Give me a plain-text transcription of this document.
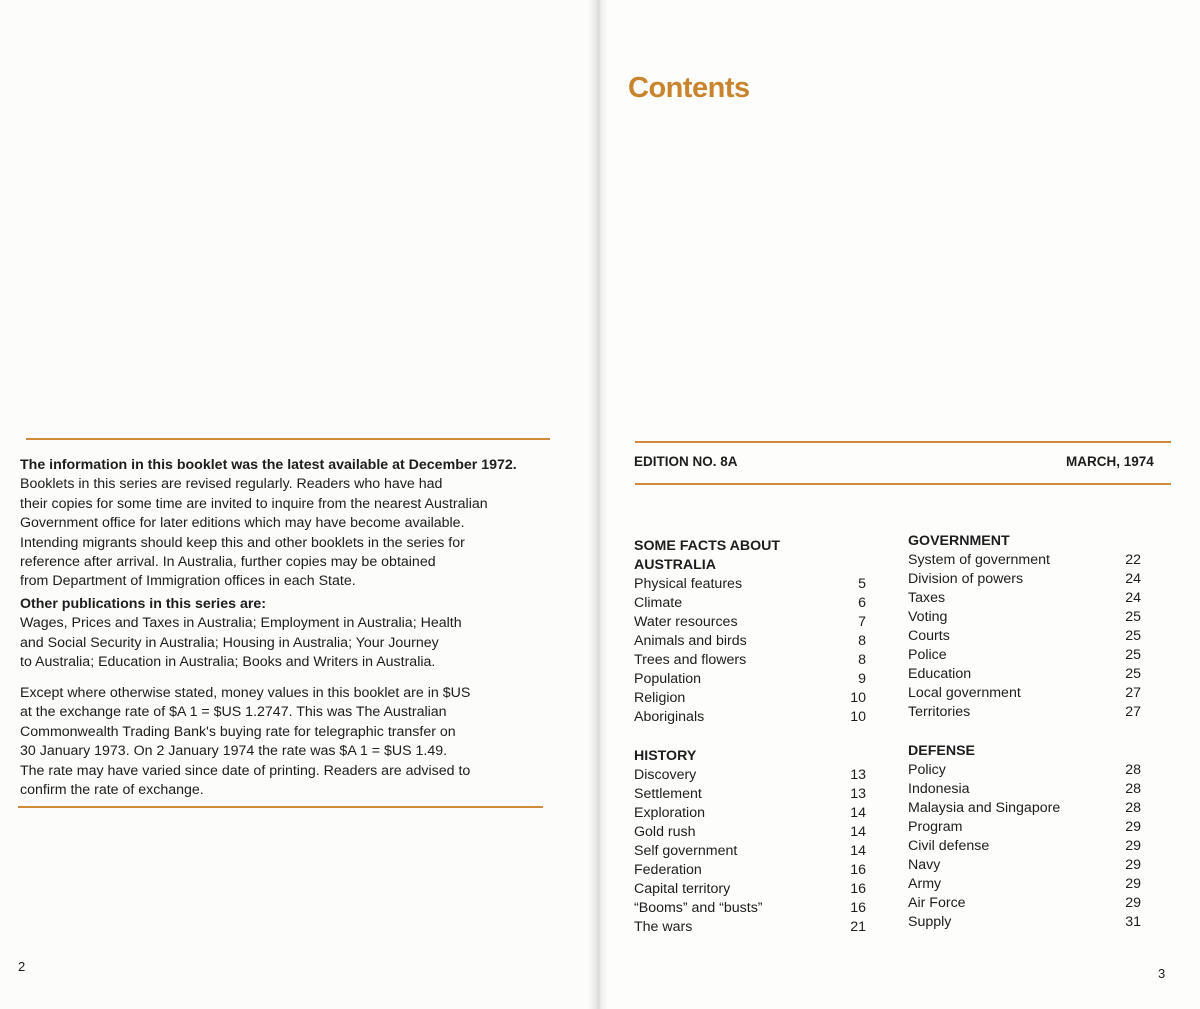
The information in this booklet was the latest available at December 1972.

Booklets in this series are revised regularly. Readers who have had
their copies for some time are invited to inquire from the nearest Australian
Government office for later editions which may have become available.
Intending migrants should keep this and other booklets in the series for
reference after arrival. In Australia, further copies may be obtained
from Department of Immigration offices in each State.

Other publications in this series are:

Wages, Prices and Taxes in Australia; Employment in Australia; Health
and Social Security in Australia; Housing in Australia; Your Journey
to Australia; Education in Australia; Books and Writers in Australia.
Except where otherwise stated, money values in this booklet are in $US
at the exchange rate of $A 1 = $US 1.2747. This was The Australian
Commonwealth Trading Bank's buying rate for telegraphic transfer on
30 January 1973. On 2 January 1974 the rate was $A 1 = $US 1.49.
The rate may have varied since date of printing. Readers are advised to
confirm the rate of exchange.
2
Contents
EDITION NO. 8A	MARCH, 1974
SOME FACTS ABOUT
AUSTRALIA
Physical features	5
Climate	6
Water resources	7
Animals and birds	8
Trees and flowers	8
Population	9
Religion	10
Aboriginals	10
HISTORY
Discovery	13
Settlement	13
Exploration	14
Gold rush	14
Self government	14
Federation	16
Capital territory	16
“Booms” and “busts”	16
The wars	21
GOVERNMENT
System of government	22
Division of powers	24
Taxes	24
Voting	25
Courts	25
Police	25
Education	25
Local government	27
Territories	27
DEFENSE
Policy	28
Indonesia	28
Malaysia and Singapore	28
Program	29
Civil defense	29
Navy	29
Army	29
Air Force	29
Supply	31
3
